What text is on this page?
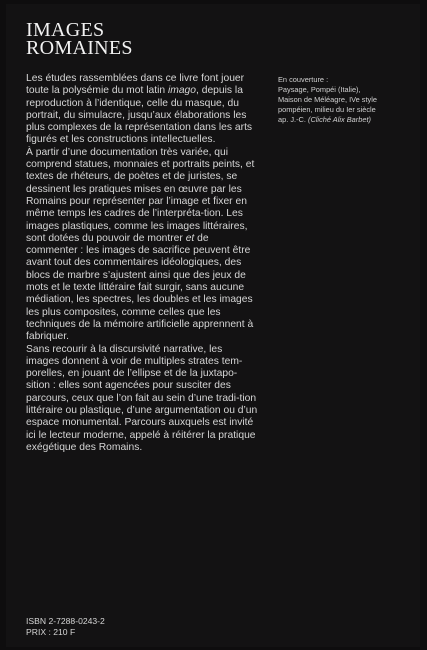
IMAGES
ROMAINES

Les études rassemblées dans ce livre font jouer toute la polysémie du mot latin imago, depuis la reproduction à l’identique, celle du masque, du portrait, du simulacre, jusqu’aux élaborations les plus complexes de la représentation dans les arts figurés et les constructions intellectuelles.

À partir d’une documentation très variée, qui comprend statues, monnaies et portraits peints, et textes de rhéteurs, de poètes et de juristes, se dessinent les pratiques mises en œuvre par les Romains pour représenter par l’image et fixer en même temps les cadres de l’interpréta-tion. Les images plastiques, comme les images littéraires, sont dotées du pouvoir de montrer et de commenter : les images de sacrifice peuvent être avant tout des commentaires idéologiques, des blocs de marbre s’ajustent ainsi que des jeux de mots et le texte littéraire fait surgir, sans aucune médiation, les spectres, les doubles et les images les plus composites, comme celles que les techniques de la mémoire artificielle apprennent à fabriquer.

Sans recourir à la discursivité narrative, les images donnent à voir de multiples strates tem-porelles, en jouant de l’ellipse et de la juxtapo-sition : elles sont agencées pour susciter des parcours, ceux que l’on fait au sein d’une tradi-tion littéraire ou plastique, d’une argumentation ou d’un espace monumental. Parcours auxquels est invité ici le lecteur moderne, appelé à réitérer la pratique exégétique des Romains.

En couverture :
Paysage, Pompéi (Italie),
Maison de Méléagre, IVe style
pompéien, milieu du Ier siècle
ap. J.-C. (Cliché Alix Barbet)
ISBN 2-7288-0243-2
PRIX : 210 F
